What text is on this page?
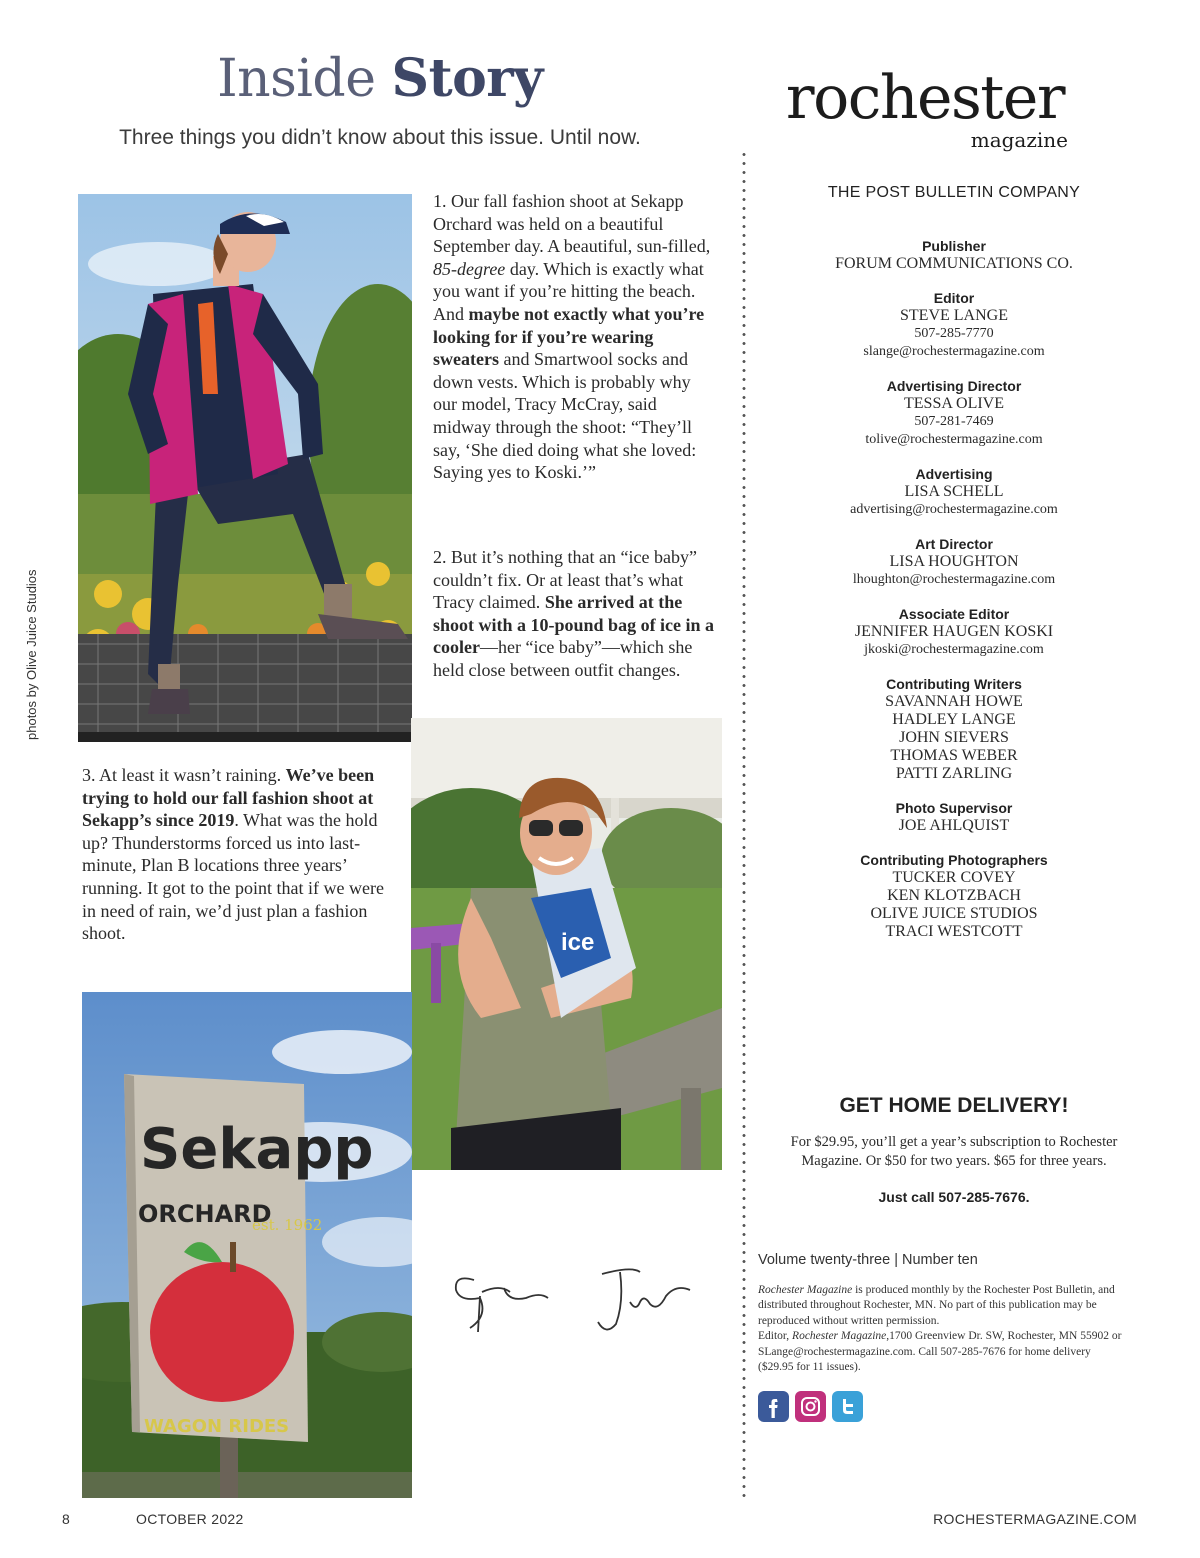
Inside Story
Three things you didn’t know about this issue. Until now.
photos by Olive Juice Studios
1. Our fall fashion shoot at Sekapp Orchard was held on a beautiful September day. A beautiful, sun-filled, 85-degree day. Which is exactly what you want if you’re hitting the beach. And maybe not exactly what you’re looking for if you’re wearing sweaters and Smartwool socks and down vests. Which is probably why our model, Tracy McCray, said midway through the shoot: “They’ll say, ‘She died doing what she loved: Saying yes to Koski.’”
2. But it’s nothing that an “ice baby” couldn’t fix. Or at least that’s what Tracy claimed. She arrived at the shoot with a 10-pound bag of ice in a cooler—her “ice baby”—which she held close between outfit changes.
ice
3. At least it wasn’t raining. We’ve been trying to hold our fall fashion shoot at Sekapp’s since 2019. What was the hold up? Thunderstorms forced us into last-minute, Plan B locations three years’ running. It got to the point that if we were in need of rain, we’d just plan a fashion shoot.
Sekapp
ORCHARD
est. 1962
WAGON RIDES
rochester
magazine
THE POST BULLETIN COMPANY
Publisher
FORUM COMMUNICATIONS CO.
Editor
STEVE LANGE
507-285-7770
slange@rochestermagazine.com
Advertising Director
TESSA OLIVE
507-281-7469
tolive@rochestermagazine.com
Advertising
LISA SCHELL
advertising@rochestermagazine.com
Art Director
LISA HOUGHTON
lhoughton@rochestermagazine.com
Associate Editor
JENNIFER HAUGEN KOSKI
jkoski@rochestermagazine.com
Contributing Writers
SAVANNAH HOWE
HADLEY LANGE
JOHN SIEVERS
THOMAS WEBER
PATTI ZARLING
Photo Supervisor
JOE AHLQUIST
Contributing Photographers
TUCKER COVEY
KEN KLOTZBACH
OLIVE JUICE STUDIOS
TRACI WESTCOTT
GET HOME DELIVERY!
For $29.95, you’ll get a year’s subscription to Rochester Magazine. Or $50 for two years. $65 for three years.
Just call 507-285-7676.
Volume twenty-three | Number ten
Rochester Magazine is produced monthly by the Rochester Post Bulletin, and distributed throughout Rochester, MN. No part of this publication may be reproduced without written permission.
Editor, Rochester Magazine,1700 Greenview Dr. SW, Rochester, MN 55902 or SLange@rochestermagazine.com. Call 507-285-7676 for home delivery ($29.95 for 11 issues).
8	OCTOBER 2022	ROCHESTERMAGAZINE.COM
